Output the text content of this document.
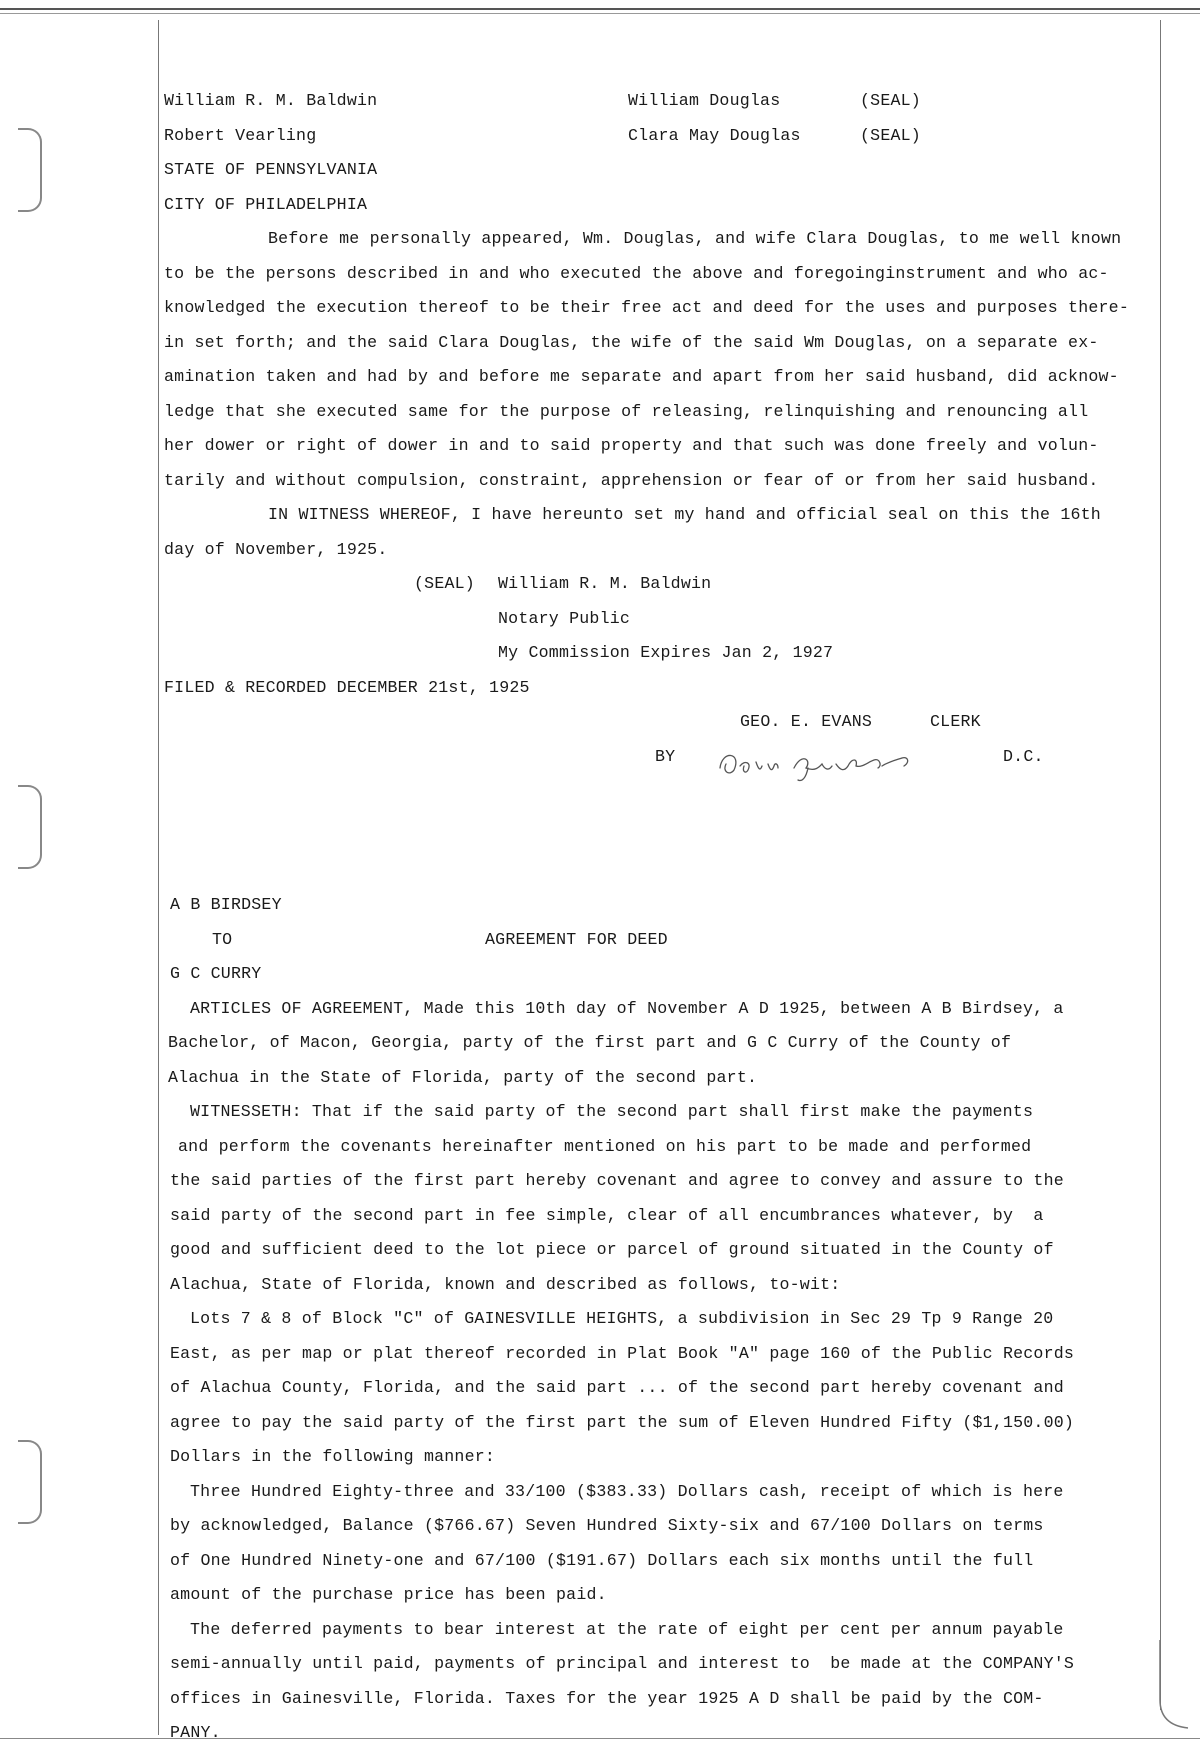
William R. M. Baldwin	William Douglas	(SEAL)
Robert Vearling	Clara May Douglas	(SEAL)
STATE OF PENNSYLVANIA
CITY OF PHILADELPHIA
Before me personally appeared, Wm. Douglas, and wife Clara Douglas, to me well known
to be the persons described in and who executed the above and foregoinginstrument and who ac-
knowledged the execution thereof to be their free act and deed for the uses and purposes there-
in set forth; and the said Clara Douglas, the wife of the said Wm Douglas, on a separate ex-
amination taken and had by and before me separate and apart from her said husband, did acknow-
ledge that she executed same for the purpose of releasing, relinquishing and renouncing all
her dower or right of dower in and to said property and that such was done freely and volun-
tarily and without compulsion, constraint, apprehension or fear of or from her said husband.
IN WITNESS WHEREOF, I have hereunto set my hand and official seal on this the 16th
day of November, 1925.
(SEAL) William R. M. Baldwin
Notary Public
My Commission Expires Jan 2, 1927
FILED & RECORDED DECEMBER 21st, 1925
GEO. E. EVANS	CLERK
BY	D.C.
A B BIRDSEY
TO	AGREEMENT FOR DEED
G C CURRY
ARTICLES OF AGREEMENT, Made this 10th day of November A D 1925, between A B Birdsey, a
Bachelor, of Macon, Georgia, party of the first part and G C Curry of the County of
Alachua in the State of Florida, party of the second part.
WITNESSETH: That if the said party of the second part shall first make the payments
and perform the covenants hereinafter mentioned on his part to be made and performed
the said parties of the first part hereby covenant and agree to convey and assure to the
said party of the second part in fee simple, clear of all encumbrances whatever, by  a
good and sufficient deed to the lot piece or parcel of ground situated in the County of
Alachua, State of Florida, known and described as follows, to-wit:
Lots 7 & 8 of Block "C" of GAINESVILLE HEIGHTS, a subdivision in Sec 29 Tp 9 Range 20
East, as per map or plat thereof recorded in Plat Book "A" page 160 of the Public Records
of Alachua County, Florida, and the said part ... of the second part hereby covenant and
agree to pay the said party of the first part the sum of Eleven Hundred Fifty ($1,150.00)
Dollars in the following manner:
Three Hundred Eighty-three and 33/100 ($383.33) Dollars cash, receipt of which is here
by acknowledged, Balance ($766.67) Seven Hundred Sixty-six and 67/100 Dollars on terms
of One Hundred Ninety-one and 67/100 ($191.67) Dollars each six months until the full
amount of the purchase price has been paid.
The deferred payments to bear interest at the rate of eight per cent per annum payable
semi-annually until paid, payments of principal and interest to  be made at the COMPANY'S
offices in Gainesville, Florida. Taxes for the year 1925 A D shall be paid by the COM-
PANY.
